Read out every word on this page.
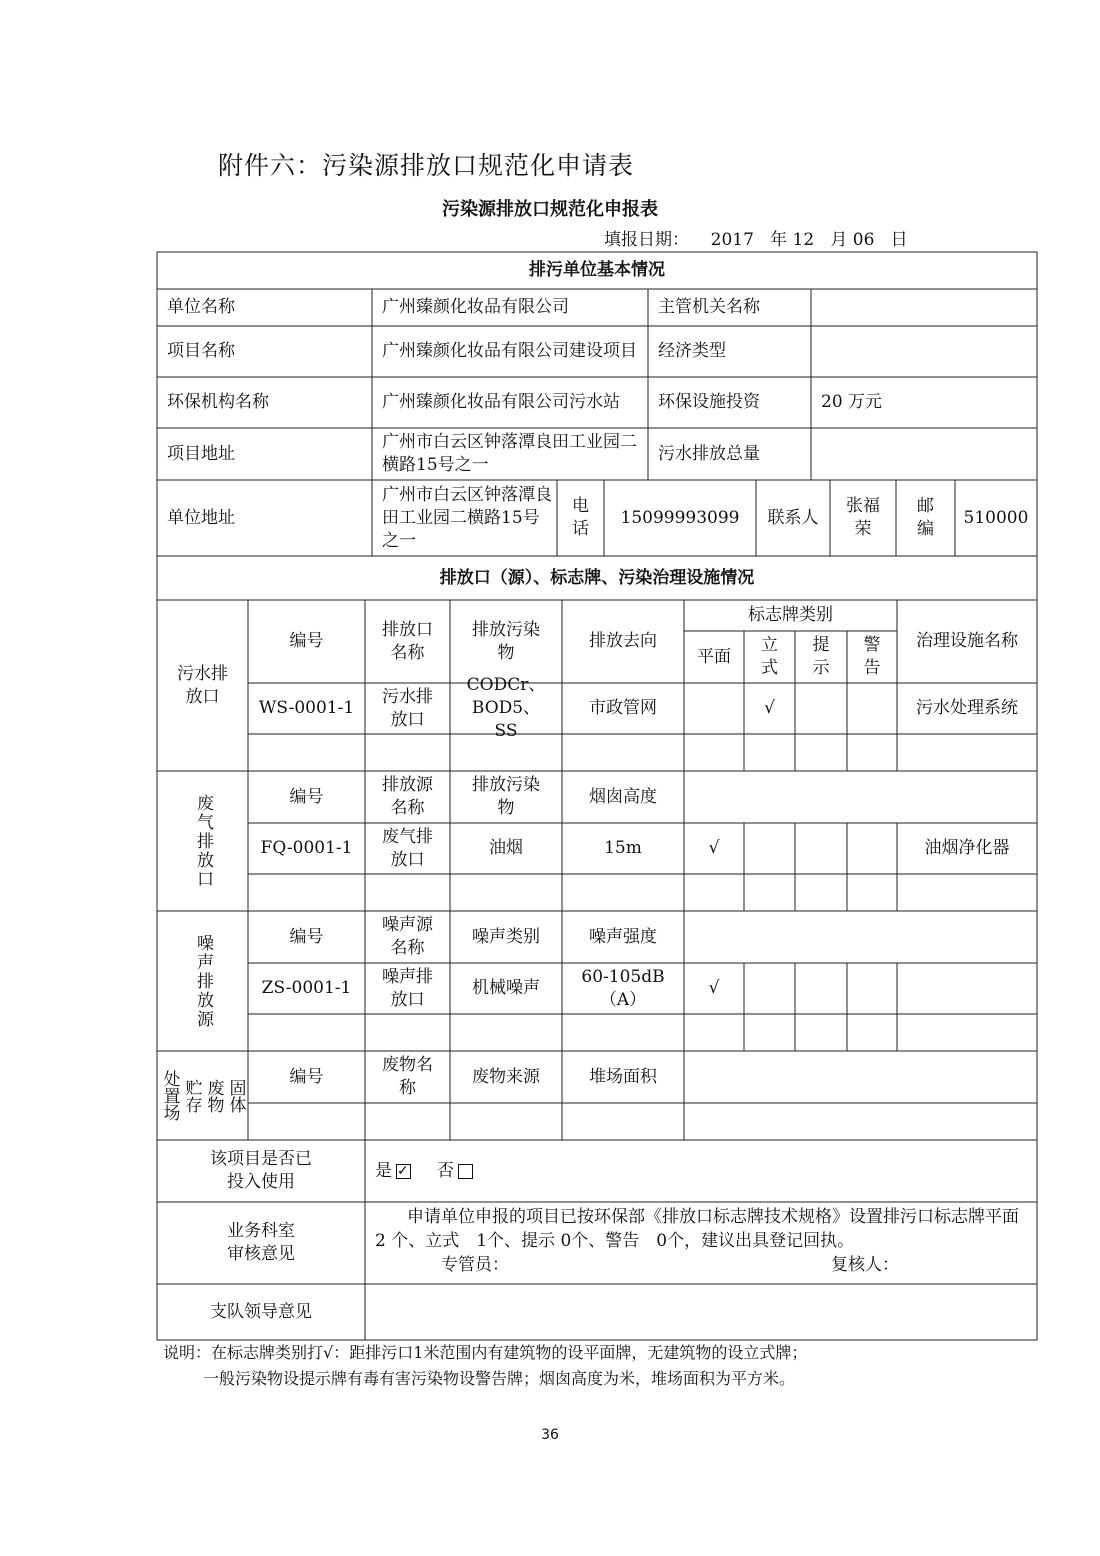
附件六：污染源排放口规范化申请表
污染源排放口规范化申报表
填报日期： 2017 年 12 月 06 日
排污单位基本情况
单位名称	广州臻颜化妆品有限公司	主管机关名称
项目名称	广州臻颜化妆品有限公司建设项目	经济类型
环保机构名称	广州臻颜化妆品有限公司污水站	环保设施投资	20 万元
项目地址
广州市白云区钟落潭良田工业园二横路15号之一
污水排放总量
单位地址
广州市白云区钟落潭良田工业园二横路15号之一
电话
15099993099	联系人
张福荣
邮编
510000
排放口（源）、标志牌、污染治理设施情况
污水排放口
编号
排放口名称
排放污染物
排放去向
标志牌类别
平面
立式
提示
警告
治理设施名称
WS-0001-1
污水排放口
CODCr、BOD5、SS
市政管网	√	污水处理系统
废气排放口	编号
排放源名称
排放污染物
烟囱高度
FQ-0001-1
废气排放口
油烟	15m	√	油烟净化器
噪声排放源	编号
噪声源名称
噪声类别	噪声强度
ZS-0001-1
噪声排放口
机械噪声
60-105dB（A）
√
固体
废物
贮存
处置场	编号
废物名称
废物来源	堆场面积
该项目是否已投入使用
是
✓	否
业务科室审核意见
申请单位申报的项目已按环保部《排放口标志牌技术规格》设置排污口标志牌平面 2 个、立式　1个、提示 0个、警告　0个，建议出具登记回执。
专管员：	复核人：
支队领导意见
说明：在标志牌类别打√：距排污口1米范围内有建筑物的设平面牌，无建筑物的设立式牌；
一般污染物设提示牌有毒有害污染物设警告牌；烟囱高度为米，堆场面积为平方米。
36
